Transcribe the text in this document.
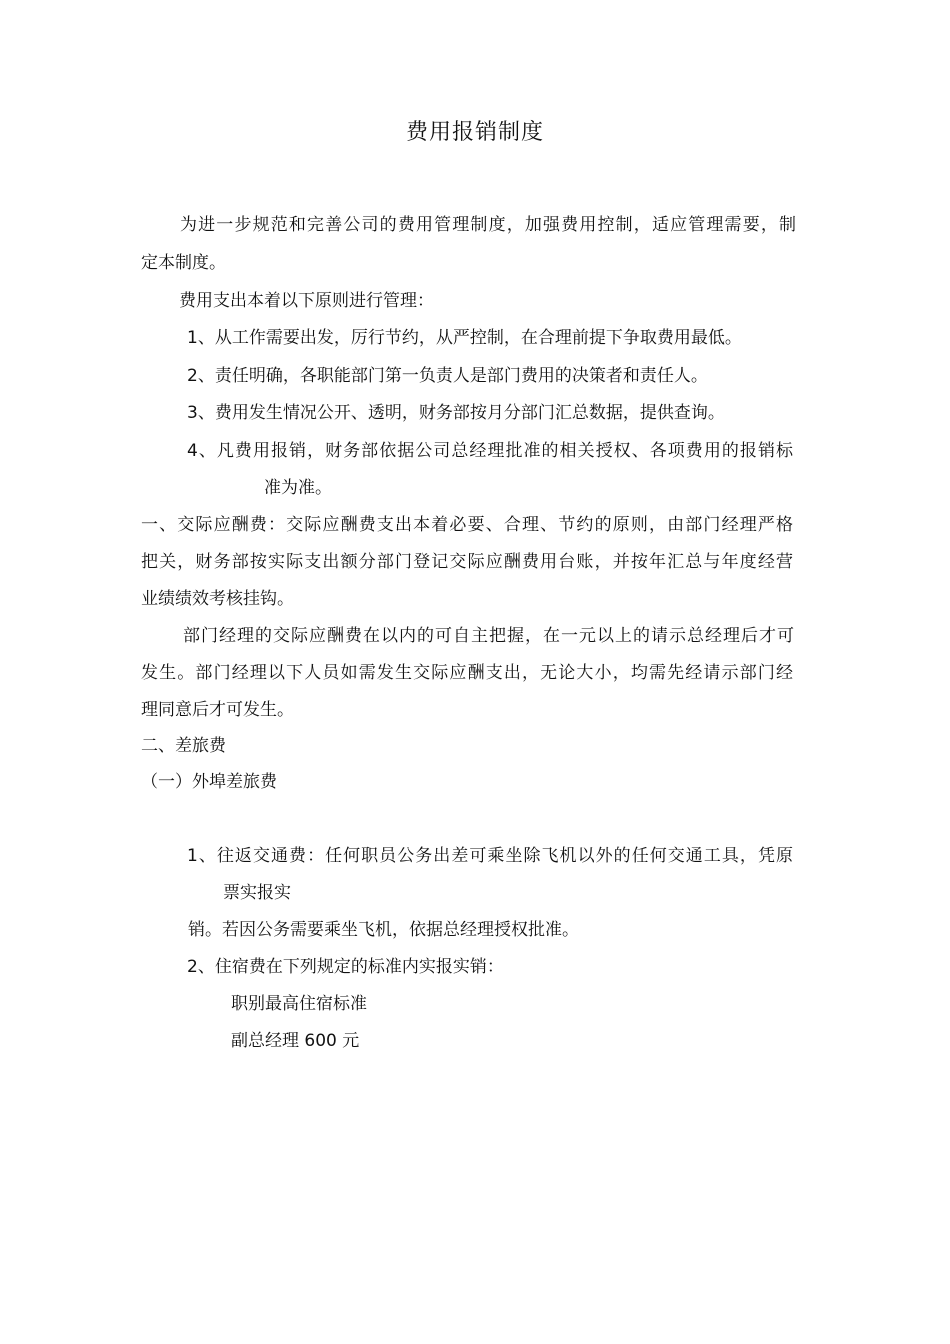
费用报销制度
为进一步规范和完善公司的费用管理制度，加强费用控制，适应管理需要，制
定本制度。
费用支出本着以下原则进行管理：
1、从工作需要出发，厉行节约，从严控制，在合理前提下争取费用最低。
2、责任明确，各职能部门第一负责人是部门费用的决策者和责任人。
3、费用发生情况公开、透明，财务部按月分部门汇总数据，提供查询。
4、凡费用报销，财务部依据公司总经理批准的相关授权、各项费用的报销标
准为准。
一、交际应酬费：交际应酬费支出本着必要、合理、节约的原则，由部门经理严格
把关，财务部按实际支出额分部门登记交际应酬费用台账，并按年汇总与年度经营
业绩绩效考核挂钩。
部门经理的交际应酬费在以内的可自主把握，在一元以上的请示总经理后才可
发生。部门经理以下人员如需发生交际应酬支出，无论大小，均需先经请示部门经
理同意后才可发生。
二、差旅费
（一）外埠差旅费
1、往返交通费：任何职员公务出差可乘坐除飞机以外的任何交通工具，凭原
票实报实
销。若因公务需要乘坐飞机，依据总经理授权批准。
2、住宿费在下列规定的标准内实报实销：
职别最高住宿标准
副总经理 600 元
